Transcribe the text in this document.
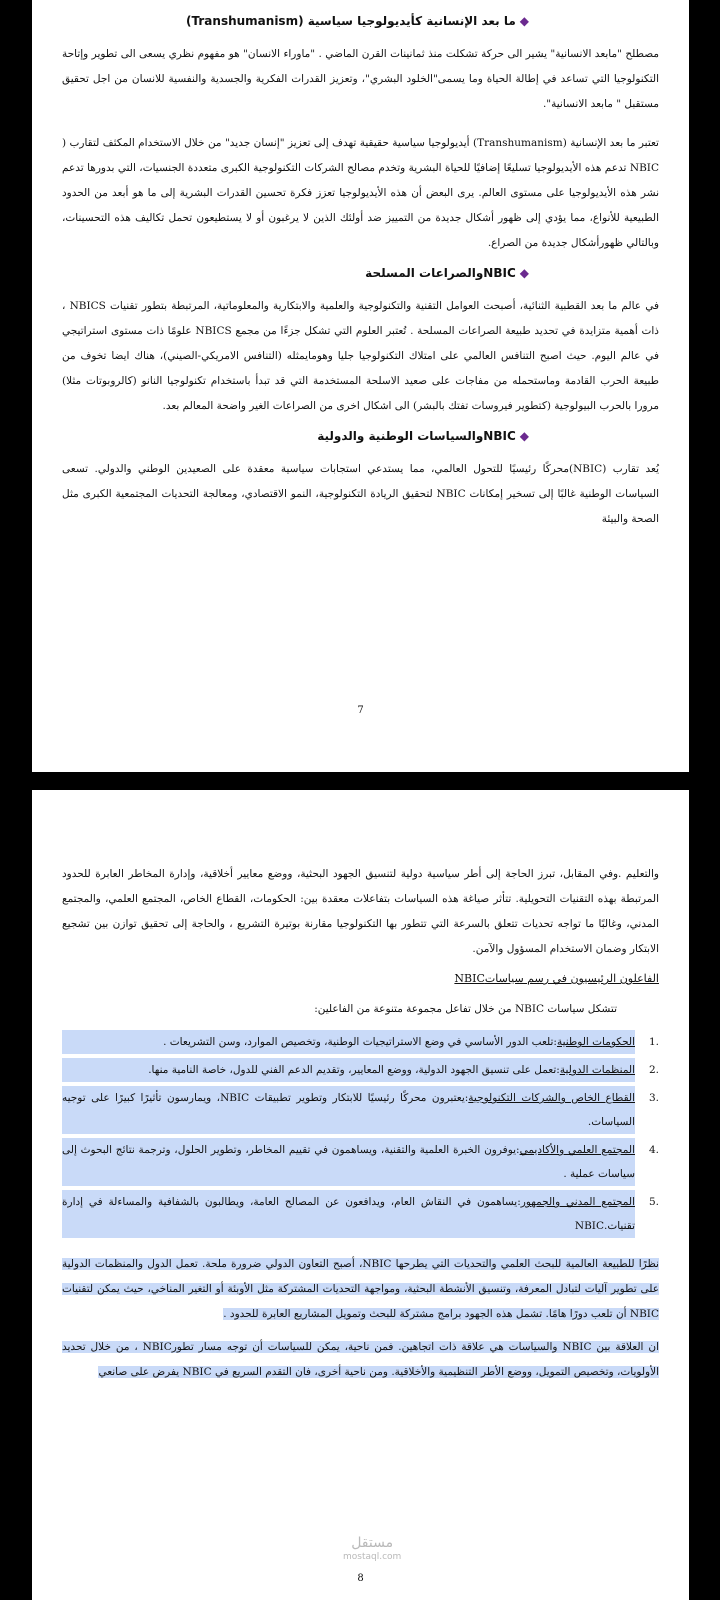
◆ما بعد الإنسانية كأيديولوجيا سياسية (Transhumanism)

مصطلح "مابعد الانسانية" يشير الى حركة تشكلت منذ ثمانينات القرن الماضي . "ماوراء الانسان" هو مفهوم نظري يسعى الى تطوير وإتاحة التكنولوجيا التي تساعد في إطالة الحياة وما يسمى"الخلود البشري"، وتعزيز القدرات الفكرية والجسدية والنفسية للانسان من اجل تحقيق مستقبل " مابعد الانسانية".

تعتبر ما بعد الإنسانية (Transhumanism) أيديولوجيا سياسية حقيقية تهدف إلى تعزيز "إنسان جديد" من خلال الاستخدام المكثف لتقارب ( NBIC تدعم هذه الأيديولوجيا تسليعًا إضافيًا للحياة البشرية وتخدم مصالح الشركات التكنولوجية الكبرى متعددة الجنسيات، التي بدورها تدعم نشر هذه الأيديولوجيا على مستوى العالم. يرى البعض أن هذه الأيديولوجيا تعزز فكرة تحسين القدرات البشرية إلى ما هو أبعد من الحدود الطبيعية للأنواع، مما يؤدي إلى ظهور أشكال جديدة من التمييز ضد أولئك الذين لا يرغبون أو لا يستطيعون تحمل تكاليف هذه التحسينات، وبالتالي ظهورأشكال جديدة من الصراع.

◆NBICوالصراعات المسلحة

في عالم ما بعد القطبية الثنائية، أصبحت العوامل التقنية والتكنولوجية والعلمية والابتكارية والمعلوماتية، المرتبطة بتطور تقنيات NBICS ، ذات أهمية متزايدة في تحديد طبيعة الصراعات المسلحة . تُعتبر العلوم التي تشكل جزءًا من مجمع NBICS علومًا ذات مستوى استراتيجي في عالم اليوم. حيث اصبح التنافس العالمي على امتلاك التكنولوجيا جليا وهومايمثله (التنافس الامريكي-الصيني)، هناك ايضا تخوف من طبيعة الحرب القادمة وماستحمله من مفاجات على صعيد الاسلحة المستخدمة التي قد تبدأ باستخدام تكنولوجيا النانو (كالروبوتات مثلا) مرورا بالحرب البيولوجية (كتطوير فيروسات تفتك بالبشر) الى اشكال اخرى من الصراعات الغير واضحة المعالم بعد.

◆NBICوالسياسات الوطنية والدولية

يُعد تقارب (NBIC)محركًا رئيسيًا للتحول العالمي، مما يستدعي استجابات سياسية معقدة على الصعيدين الوطني والدولي. تسعى السياسات الوطنية غالبًا إلى تسخير إمكانات NBIC لتحقيق الريادة التكنولوجية، النمو الاقتصادي، ومعالجة التحديات المجتمعية الكبرى مثل الصحة والبيئة

7

والتعليم .وفي المقابل، تبرز الحاجة إلى أطر سياسية دولية لتنسيق الجهود البحثية، ووضع معايير أخلاقية، وإدارة المخاطر العابرة للحدود المرتبطة بهذه التقنيات التحويلية. تتأثر صياغة هذه السياسات بتفاعلات معقدة بين: الحكومات، القطاع الخاص، المجتمع العلمي، والمجتمع المدني، وغالبًا ما تواجه تحديات تتعلق بالسرعة التي تتطور بها التكنولوجيا مقارنة بوتيرة التشريع ، والحاجة إلى تحقيق توازن بين تشجيع الابتكار وضمان الاستخدام المسؤول والآمن.

الفاعلون الرئيسيون في رسم سياساتNBIC
تتشكل سياسات NBIC من خلال تفاعل مجموعة متنوعة من الفاعلين:
1.
الحكومات الوطنية:تلعب الدور الأساسي في وضع الاستراتيجيات الوطنية، وتخصيص الموارد، وسن التشريعات .
2.
المنظمات الدولية:تعمل على تنسيق الجهود الدولية، ووضع المعايير، وتقديم الدعم الفني للدول، خاصة النامية منها.
3.
القطاع الخاص والشركات التكنولوجية:يعتبرون محركًا رئيسيًا للابتكار وتطوير تطبيقات NBIC، ويمارسون تأثيرًا كبيرًا على توجيه السياسات.
4.
المجتمع العلمي والأكاديمي:يوفرون الخبرة العلمية والتقنية، ويساهمون في تقييم المخاطر، وتطوير الحلول، وترجمة نتائج البحوث إلى سياسات عملية .
5.
المجتمع المدني والجمهور:يساهمون في النقاش العام، ويدافعون عن المصالح العامة، ويطالبون بالشفافية والمساءلة في إدارة تقنيات.NBIC

نظرًا للطبيعة العالمية للبحث العلمي والتحديات التي يطرحها NBIC، أصبح التعاون الدولي ضرورة ملحة. تعمل الدول والمنظمات الدولية على تطوير آليات لتبادل المعرفة، وتنسيق الأنشطة البحثية، ومواجهة التحديات المشتركة مثل الأوبئة أو التغير المناخي، حيث يمكن لتقنيات NBIC أن تلعب دورًا هامًا. تشمل هذه الجهود برامج مشتركة للبحث وتمويل المشاريع العابرة للحدود .

ان العلاقة بين NBIC والسياسات هي علاقة ذات اتجاهين. فمن ناحية، يمكن للسياسات أن توجه مسار تطورNBIC ، من خلال تحديد الأولويات، وتخصيص التمويل، ووضع الأطر التنظيمية والأخلاقية. ومن ناحية أخرى، فان التقدم السريع في NBIC يفرض على صانعي

مستقل
mostaql.com
8
